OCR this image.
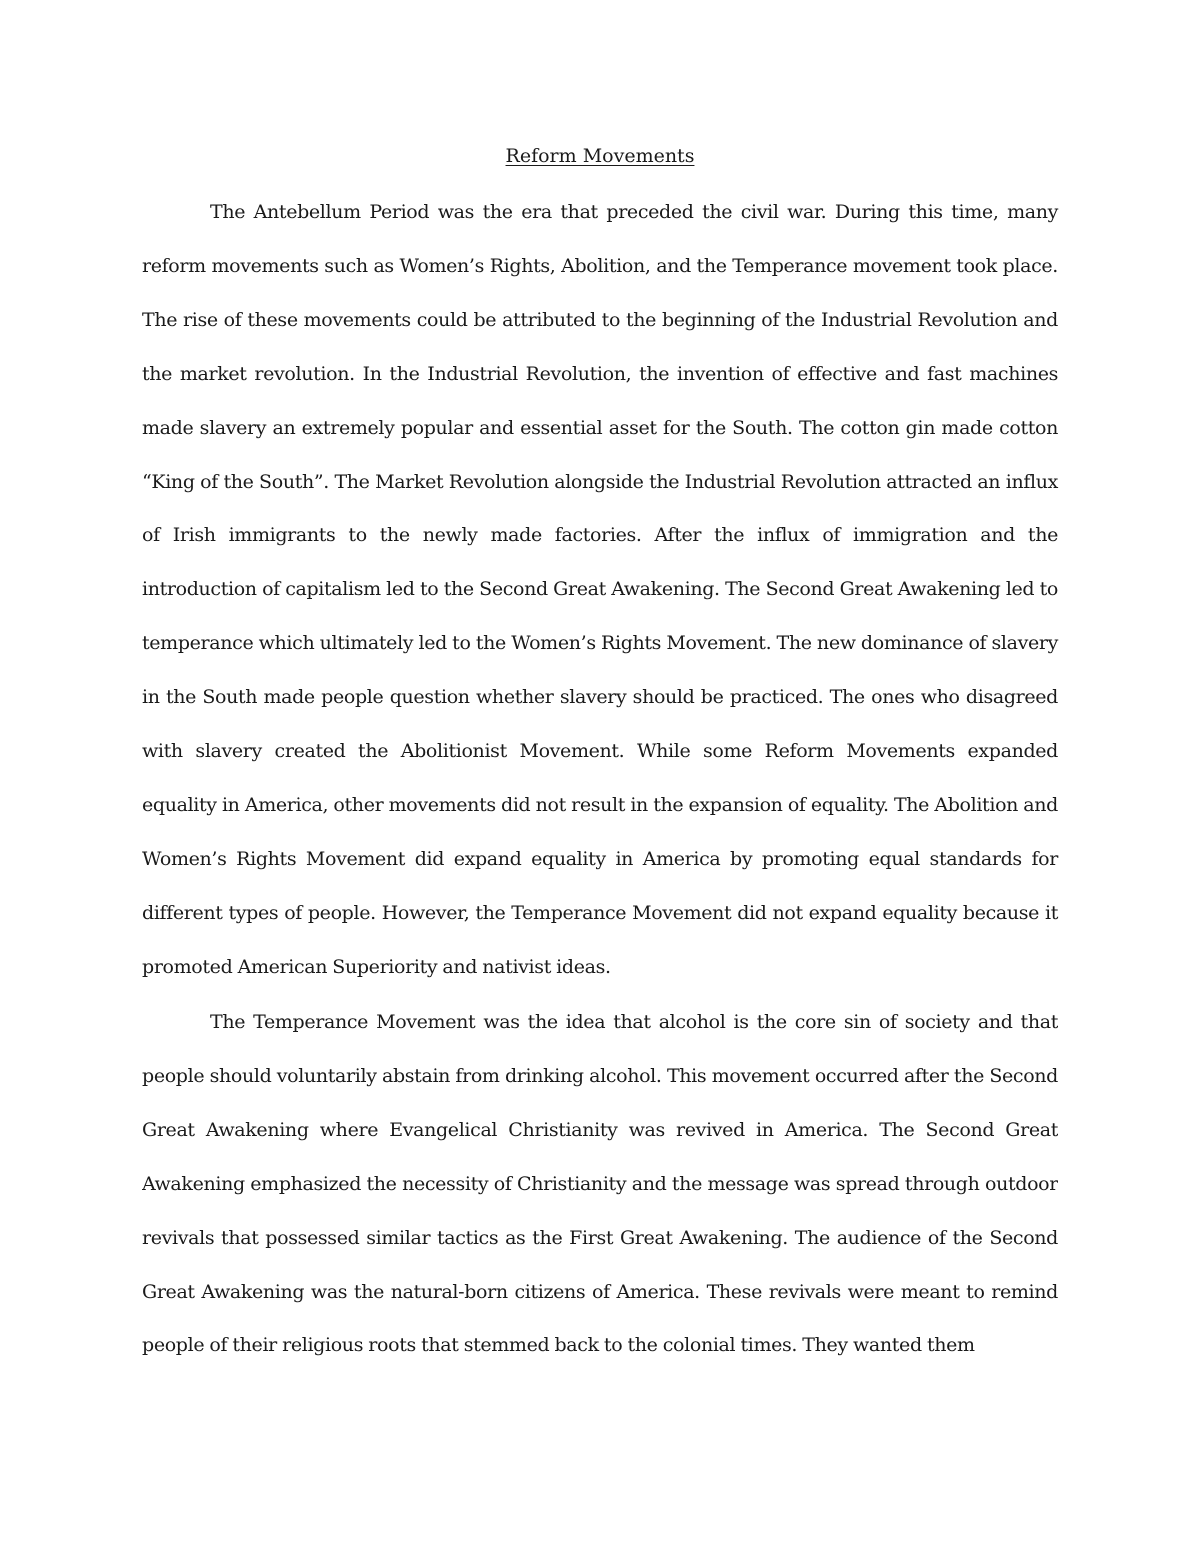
Reform Movements

The Antebellum Period was the era that preceded the civil war. During this time, many reform movements such as Women’s Rights, Abolition, and the Temperance movement took place. The rise of these movements could be attributed to the beginning of the Industrial Revolution and the market revolution. In the Industrial Revolution, the invention of effective and fast machines made slavery an extremely popular and essential asset for the South. The cotton gin made cotton “King of the South”. The Market Revolution alongside the Industrial Revolution attracted an influx of Irish immigrants to the newly made factories. After the influx of immigration and the introduction of capitalism led to the Second Great Awakening. The Second Great Awakening led to temperance which ultimately led to the Women’s Rights Movement. The new dominance of slavery in the South made people question whether slavery should be practiced. The ones who disagreed with slavery created the Abolitionist Movement. While some Reform Movements expanded equality in America, other movements did not result in the expansion of equality. The Abolition and Women’s Rights Movement did expand equality in America by promoting equal standards for different types of people. However, the Temperance Movement did not expand equality because it promoted American Superiority and nativist ideas.

The Temperance Movement was the idea that alcohol is the core sin of society and that people should voluntarily abstain from drinking alcohol. This movement occurred after the Second Great Awakening where Evangelical Christianity was revived in America. The Second Great Awakening emphasized the necessity of Christianity and the message was spread through outdoor revivals that possessed similar tactics as the First Great Awakening. The audience of the Second Great Awakening was the natural-born citizens of America. These revivals were meant to remind people of their religious roots that stemmed back to the colonial times. They wanted them
